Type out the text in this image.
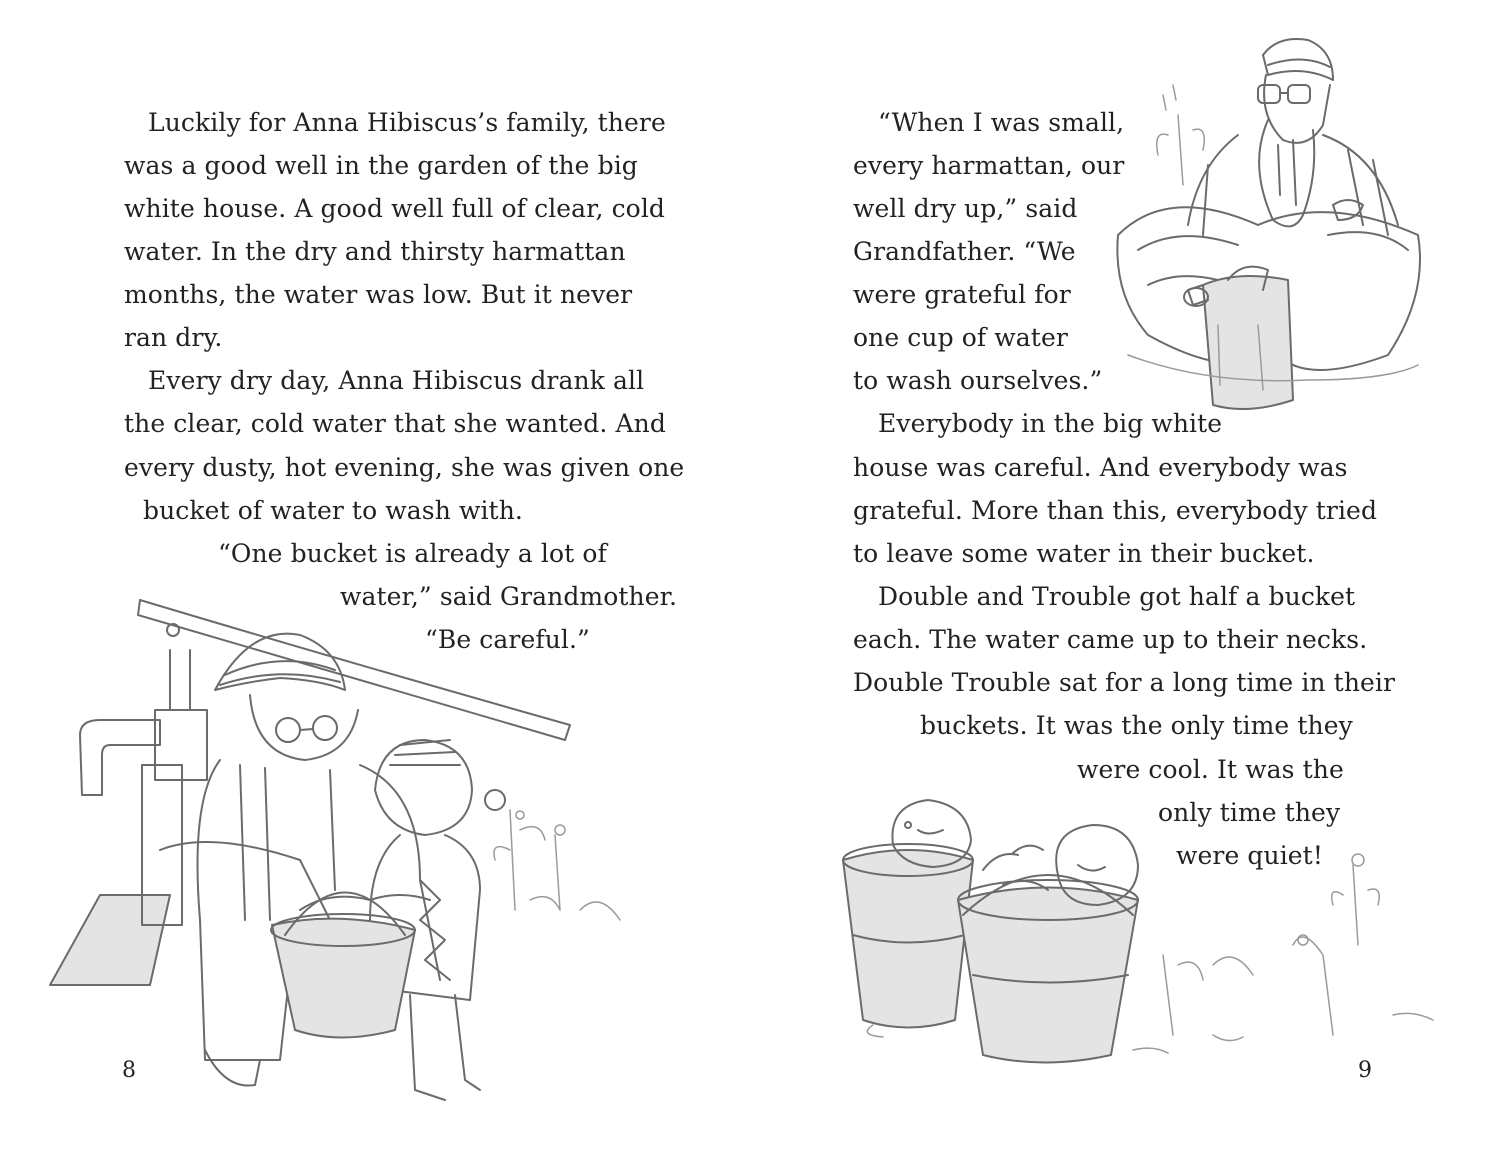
Luckily for Anna Hibiscus’s family, there
was a good well in the garden of the big
white house. A good well full of clear, cold
water. In the dry and thirsty harmattan
months, the water was low. But it never
ran dry.
Every dry day, Anna Hibiscus drank all
the clear, cold water that she wanted. And
every dusty, hot evening, she was given one
bucket of water to wash with.
“One bucket is already a lot of
water,” said Grandmother.
“Be careful.”
8
“When I was small,
every harmattan, our
well dry up,” said
Grandfather. “We
were grateful for
one cup of water
to wash ourselves.”
Everybody in the big white
house was careful. And everybody was
grateful. More than this, everybody tried
to leave some water in their bucket.
Double and Trouble got half a bucket
each. The water came up to their necks.
Double Trouble sat for a long time in their
buckets. It was the only time they
were cool. It was the
only time they
were quiet!
9
